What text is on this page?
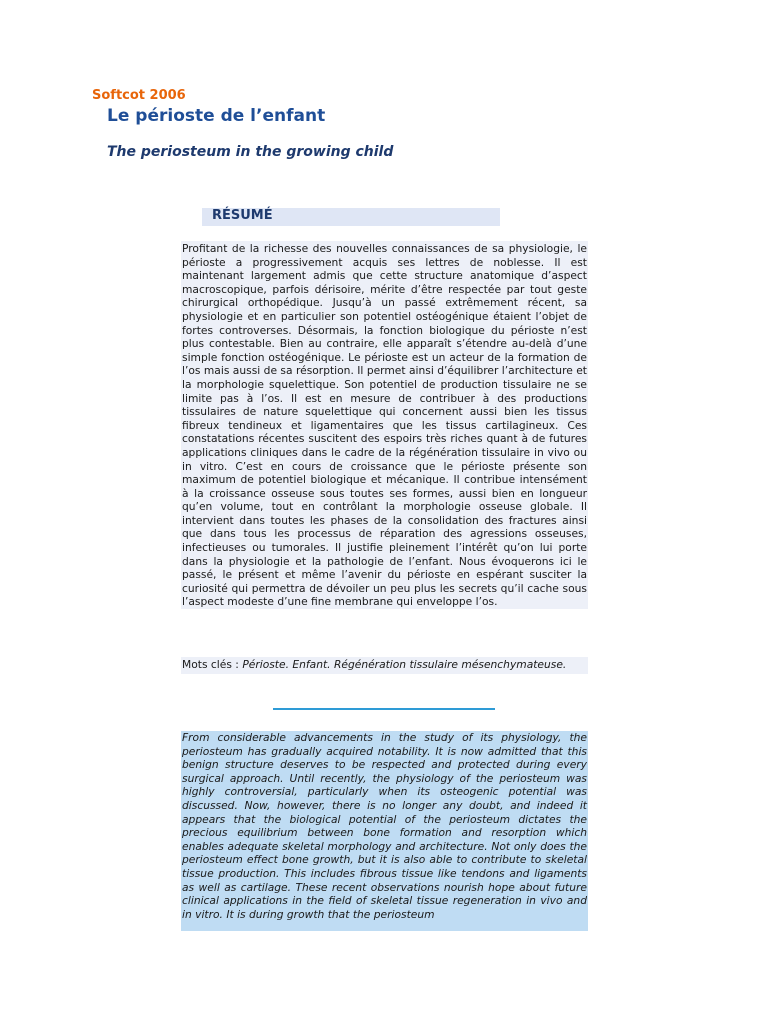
Softcot 2006
Le périoste de l’enfant
The periosteum in the growing child
RÉSUMÉ

Profitant de la richesse des nouvelles connaissances de sa physiologie, le périoste a progressivement acquis ses lettres de noblesse. Il est maintenant largement admis que cette structure anatomique d’aspect macroscopique, parfois dérisoire, mérite d’être respectée par tout geste chirurgical orthopédique. Jusqu’à un passé extrêmement récent, sa physiologie et en particulier son potentiel ostéogénique étaient l’objet de fortes controverses. Désormais, la fonction biologique du périoste n’est plus contestable. Bien au contraire, elle apparaît s’étendre au-delà d’une simple fonction ostéogénique. Le périoste est un acteur de la formation de l’os mais aussi de sa résorption. Il permet ainsi d’équilibrer l’architecture et la morphologie squelettique. Son potentiel de production tissulaire ne se limite pas à l’os. Il est en mesure de contribuer à des productions tissulaires de nature squelettique qui concernent aussi bien les tissus fibreux tendineux et ligamentaires que les tissus cartilagineux. Ces constatations récentes suscitent des espoirs très riches quant à de futures applications cliniques dans le cadre de la régénération tissulaire in vivo ou in vitro. C’est en cours de croissance que le périoste présente son maximum de potentiel biologique et mécanique. Il contribue intensément à la croissance osseuse sous toutes ses formes, aussi bien en longueur qu’en volume, tout en contrôlant la morphologie osseuse globale. Il intervient dans toutes les phases de la consolidation des fractures ainsi que dans tous les processus de réparation des agressions osseuses, infectieuses ou tumorales. Il justifie pleinement l’intérêt qu’on lui porte dans la physiologie et la pathologie de l’enfant. Nous évoquerons ici le passé, le présent et même l’avenir du périoste en espérant susciter la curiosité qui permettra de dévoiler un peu plus les secrets qu’il cache sous l’aspect modeste d’une fine membrane qui enveloppe l’os.

Mots clés : Périoste. Enfant. Régénération tissulaire mésenchymateuse.

From considerable advancements in the study of its physiology, the periosteum has gradually acquired notability. It is now admitted that this benign structure deserves to be respected and protected during every surgical approach. Until recently, the physiology of the periosteum was highly controversial, particularly when its osteogenic potential was discussed. Now, however, there is no longer any doubt, and indeed it appears that the biological potential of the periosteum dictates the precious equilibrium between bone formation and resorption which enables adequate skeletal morphology and architecture. Not only does the periosteum effect bone growth, but it is also able to contribute to skeletal tissue production. This includes fibrous tissue like tendons and ligaments as well as cartilage. These recent observations nourish hope about future clinical applications in the field of skeletal tissue regeneration in vivo and in vitro. It is during growth that the periosteum
